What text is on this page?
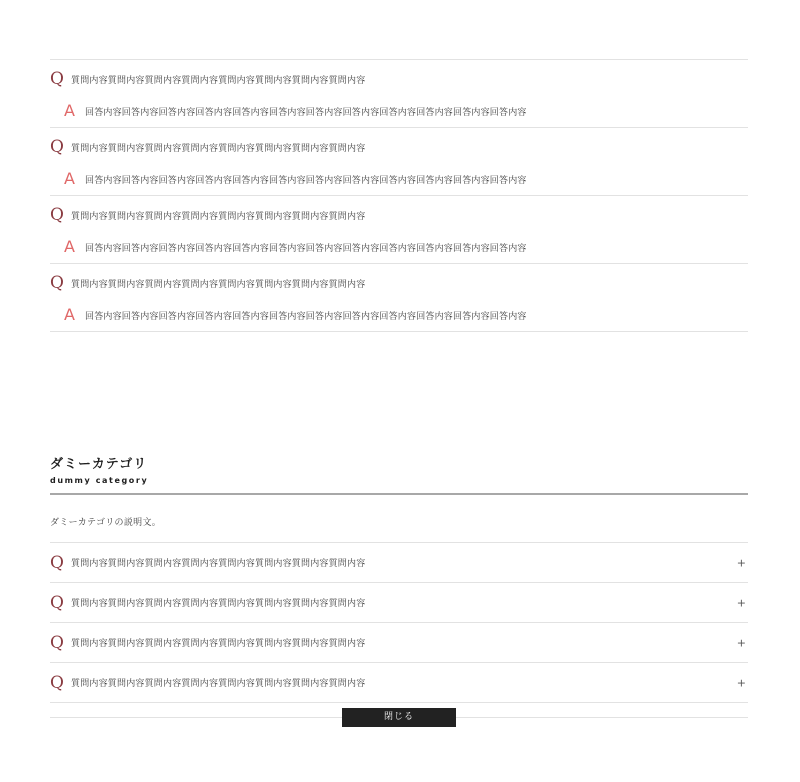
Q 質問内容質問内容質問内容質問内容質問内容質問内容質問内容質問内容
A	回答内容回答内容回答内容回答内容回答内容回答内容回答内容回答内容回答内容回答内容回答内容回答内容
Q 質問内容質問内容質問内容質問内容質問内容質問内容質問内容質問内容
A	回答内容回答内容回答内容回答内容回答内容回答内容回答内容回答内容回答内容回答内容回答内容回答内容
Q 質問内容質問内容質問内容質問内容質問内容質問内容質問内容質問内容
A	回答内容回答内容回答内容回答内容回答内容回答内容回答内容回答内容回答内容回答内容回答内容回答内容
Q 質問内容質問内容質問内容質問内容質問内容質問内容質問内容質問内容
A	回答内容回答内容回答内容回答内容回答内容回答内容回答内容回答内容回答内容回答内容回答内容回答内容
ダミーカテゴリ
dummy category
ダミーカテゴリの説明文。
Q 質問内容質問内容質問内容質問内容質問内容質問内容質問内容質問内容	+
Q 質問内容質問内容質問内容質問内容質問内容質問内容質問内容質問内容	+
Q 質問内容質問内容質問内容質問内容質問内容質問内容質問内容質問内容	+
Q 質問内容質問内容質問内容質問内容質問内容質問内容質問内容質問内容	+
閉じる
